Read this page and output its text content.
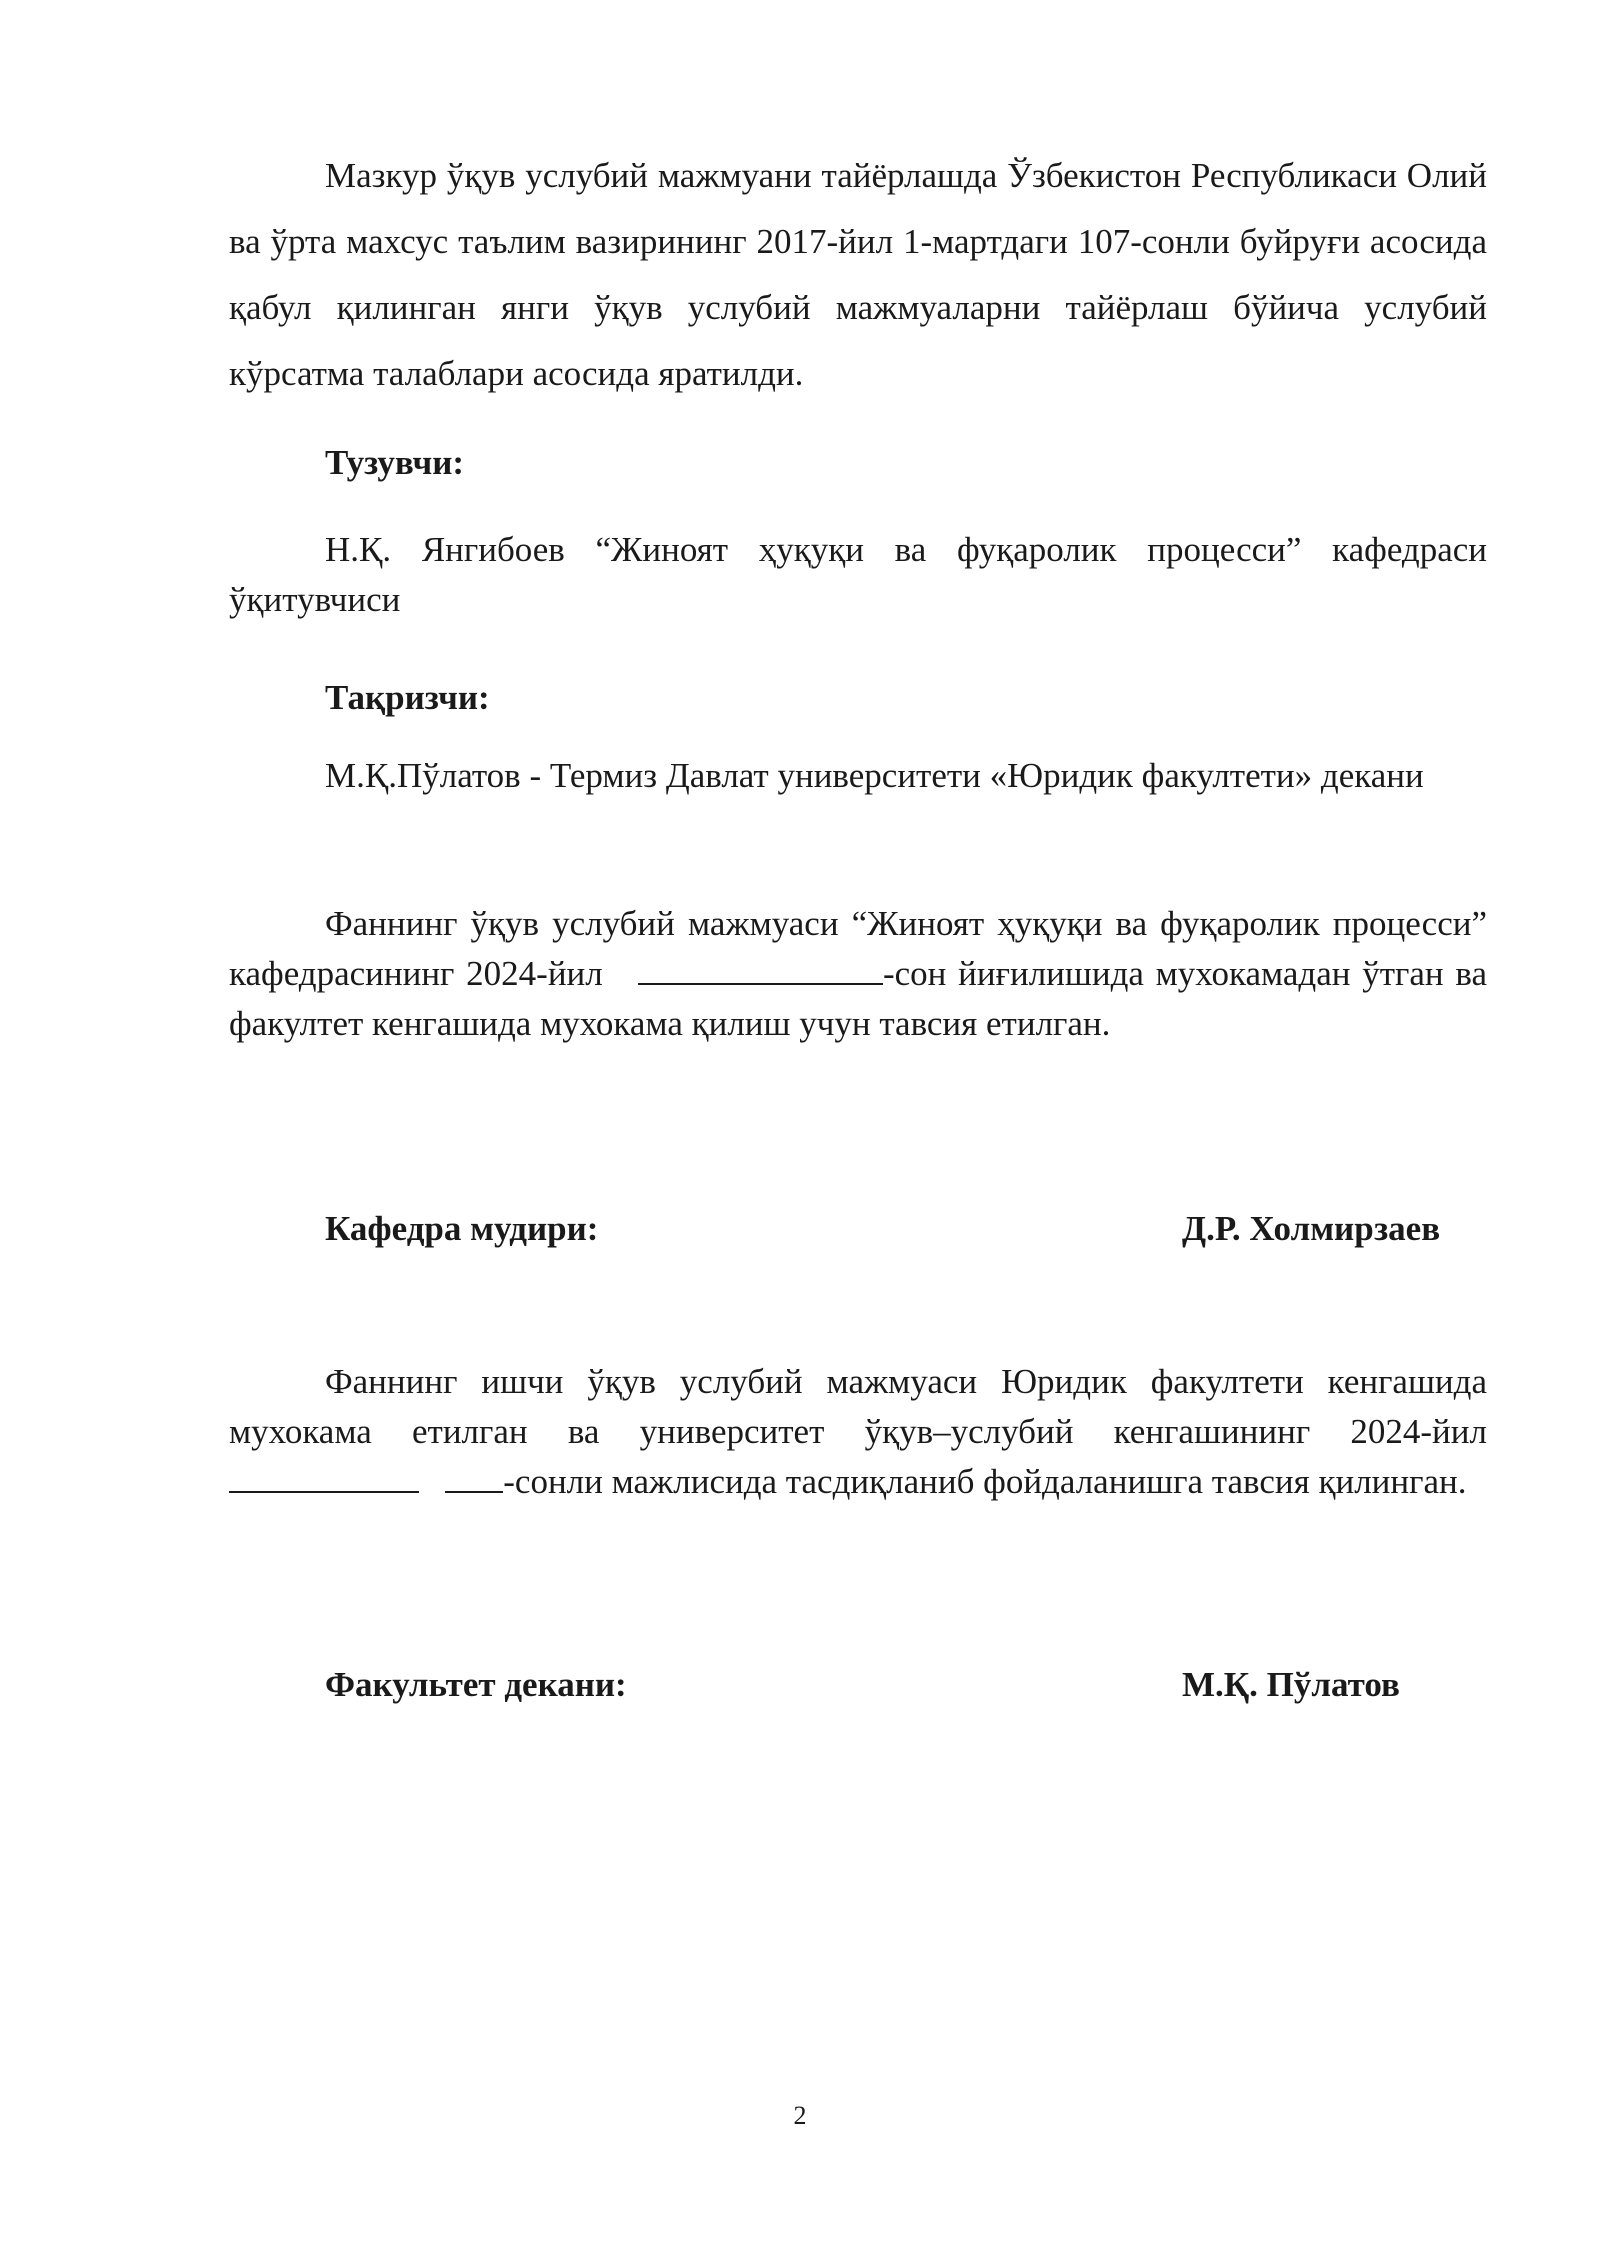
Мазкур ўқув услубий мажмуани тайёрлашда Ўзбекистон Республикаси Олий ва ўрта махсус таълим вазирининг 2017-йил 1-мартдаги 107-сонли буйруғи асосида қабул қилинган янги ўқув услубий мажмуаларни тайёрлаш бўйича услубий кўрсатма талаблари асосида яратилди.

Тузувчи:

Н.Қ. Янгибоев “Жиноят ҳуқуқи ва фуқаролик процесси” кафедраси ўқитувчиси

Тақризчи:

М.Қ.Пўлатов - Термиз Давлат университети «Юридик факултети» декани

Фаннинг ўқув услубий мажмуаси “Жиноят ҳуқуқи ва фуқаролик процесси” кафедрасининг 2024-йил	-сон йиғилишида мухокамадан ўтган ва факултет кенгашида мухокама қилиш учун тавсия етилган.

Кафедра мудири:	Д.Р. Холмирзаев

Фаннинг ишчи ўқув услубий мажмуаси Юридик факултети кенгашида мухокама етилган ва университет ўқув–услубий кенгашининг 2024-йил    -сонли мажлисида тасдиқланиб фойдаланишга тавсия қилинган.

Факультет декани:	М.Қ. Пўлатов
2
